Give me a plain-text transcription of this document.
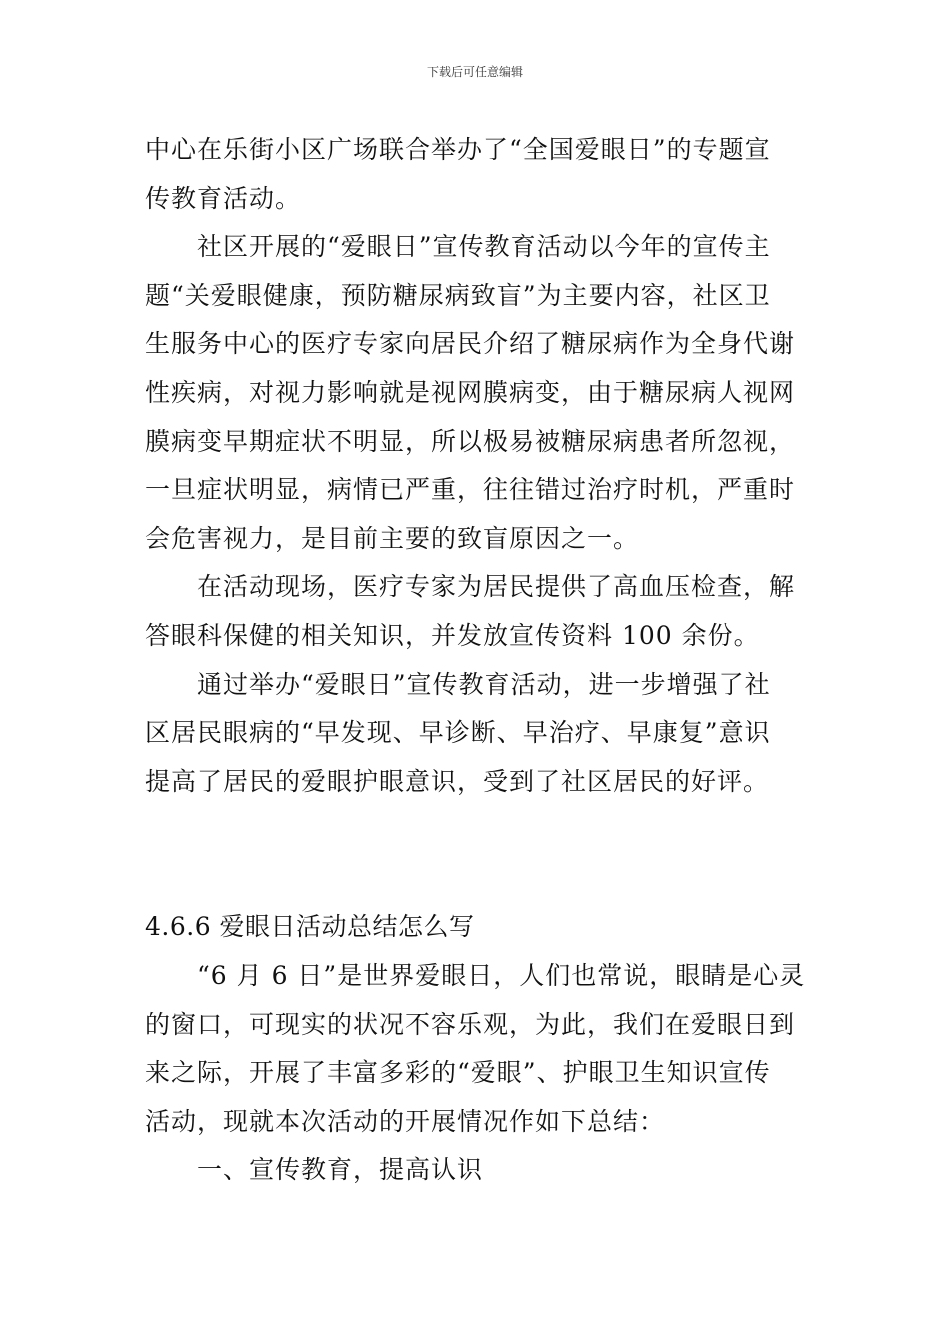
下载后可任意编辑
中心在乐街小区广场联合举办了“全国爱眼日”的专题宣
传教育活动。
社区开展的“爱眼日”宣传教育活动以今年的宣传主
题“关爱眼健康，预防糖尿病致盲”为主要内容，社区卫
生服务中心的医疗专家向居民介绍了糖尿病作为全身代谢
性疾病，对视力影响就是视网膜病变，由于糖尿病人视网
膜病变早期症状不明显，所以极易被糖尿病患者所忽视，
一旦症状明显，病情已严重，往往错过治疗时机，严重时
会危害视力，是目前主要的致盲原因之一。
在活动现场，医疗专家为居民提供了高血压检查，解
答眼科保健的相关知识，并发放宣传资料 100 余份。
通过举办“爱眼日”宣传教育活动，进一步增强了社
区居民眼病的“早发现、早诊断、早治疗、早康复”意识
提高了居民的爱眼护眼意识，受到了社区居民的好评。
4.6.6 爱眼日活动总结怎么写
“6 月 6 日”是世界爱眼日，人们也常说，眼睛是心灵
的窗口，可现实的状况不容乐观，为此，我们在爱眼日到
来之际，开展了丰富多彩的“爱眼”、护眼卫生知识宣传
活动，现就本次活动的开展情况作如下总结：
一、宣传教育，提高认识
